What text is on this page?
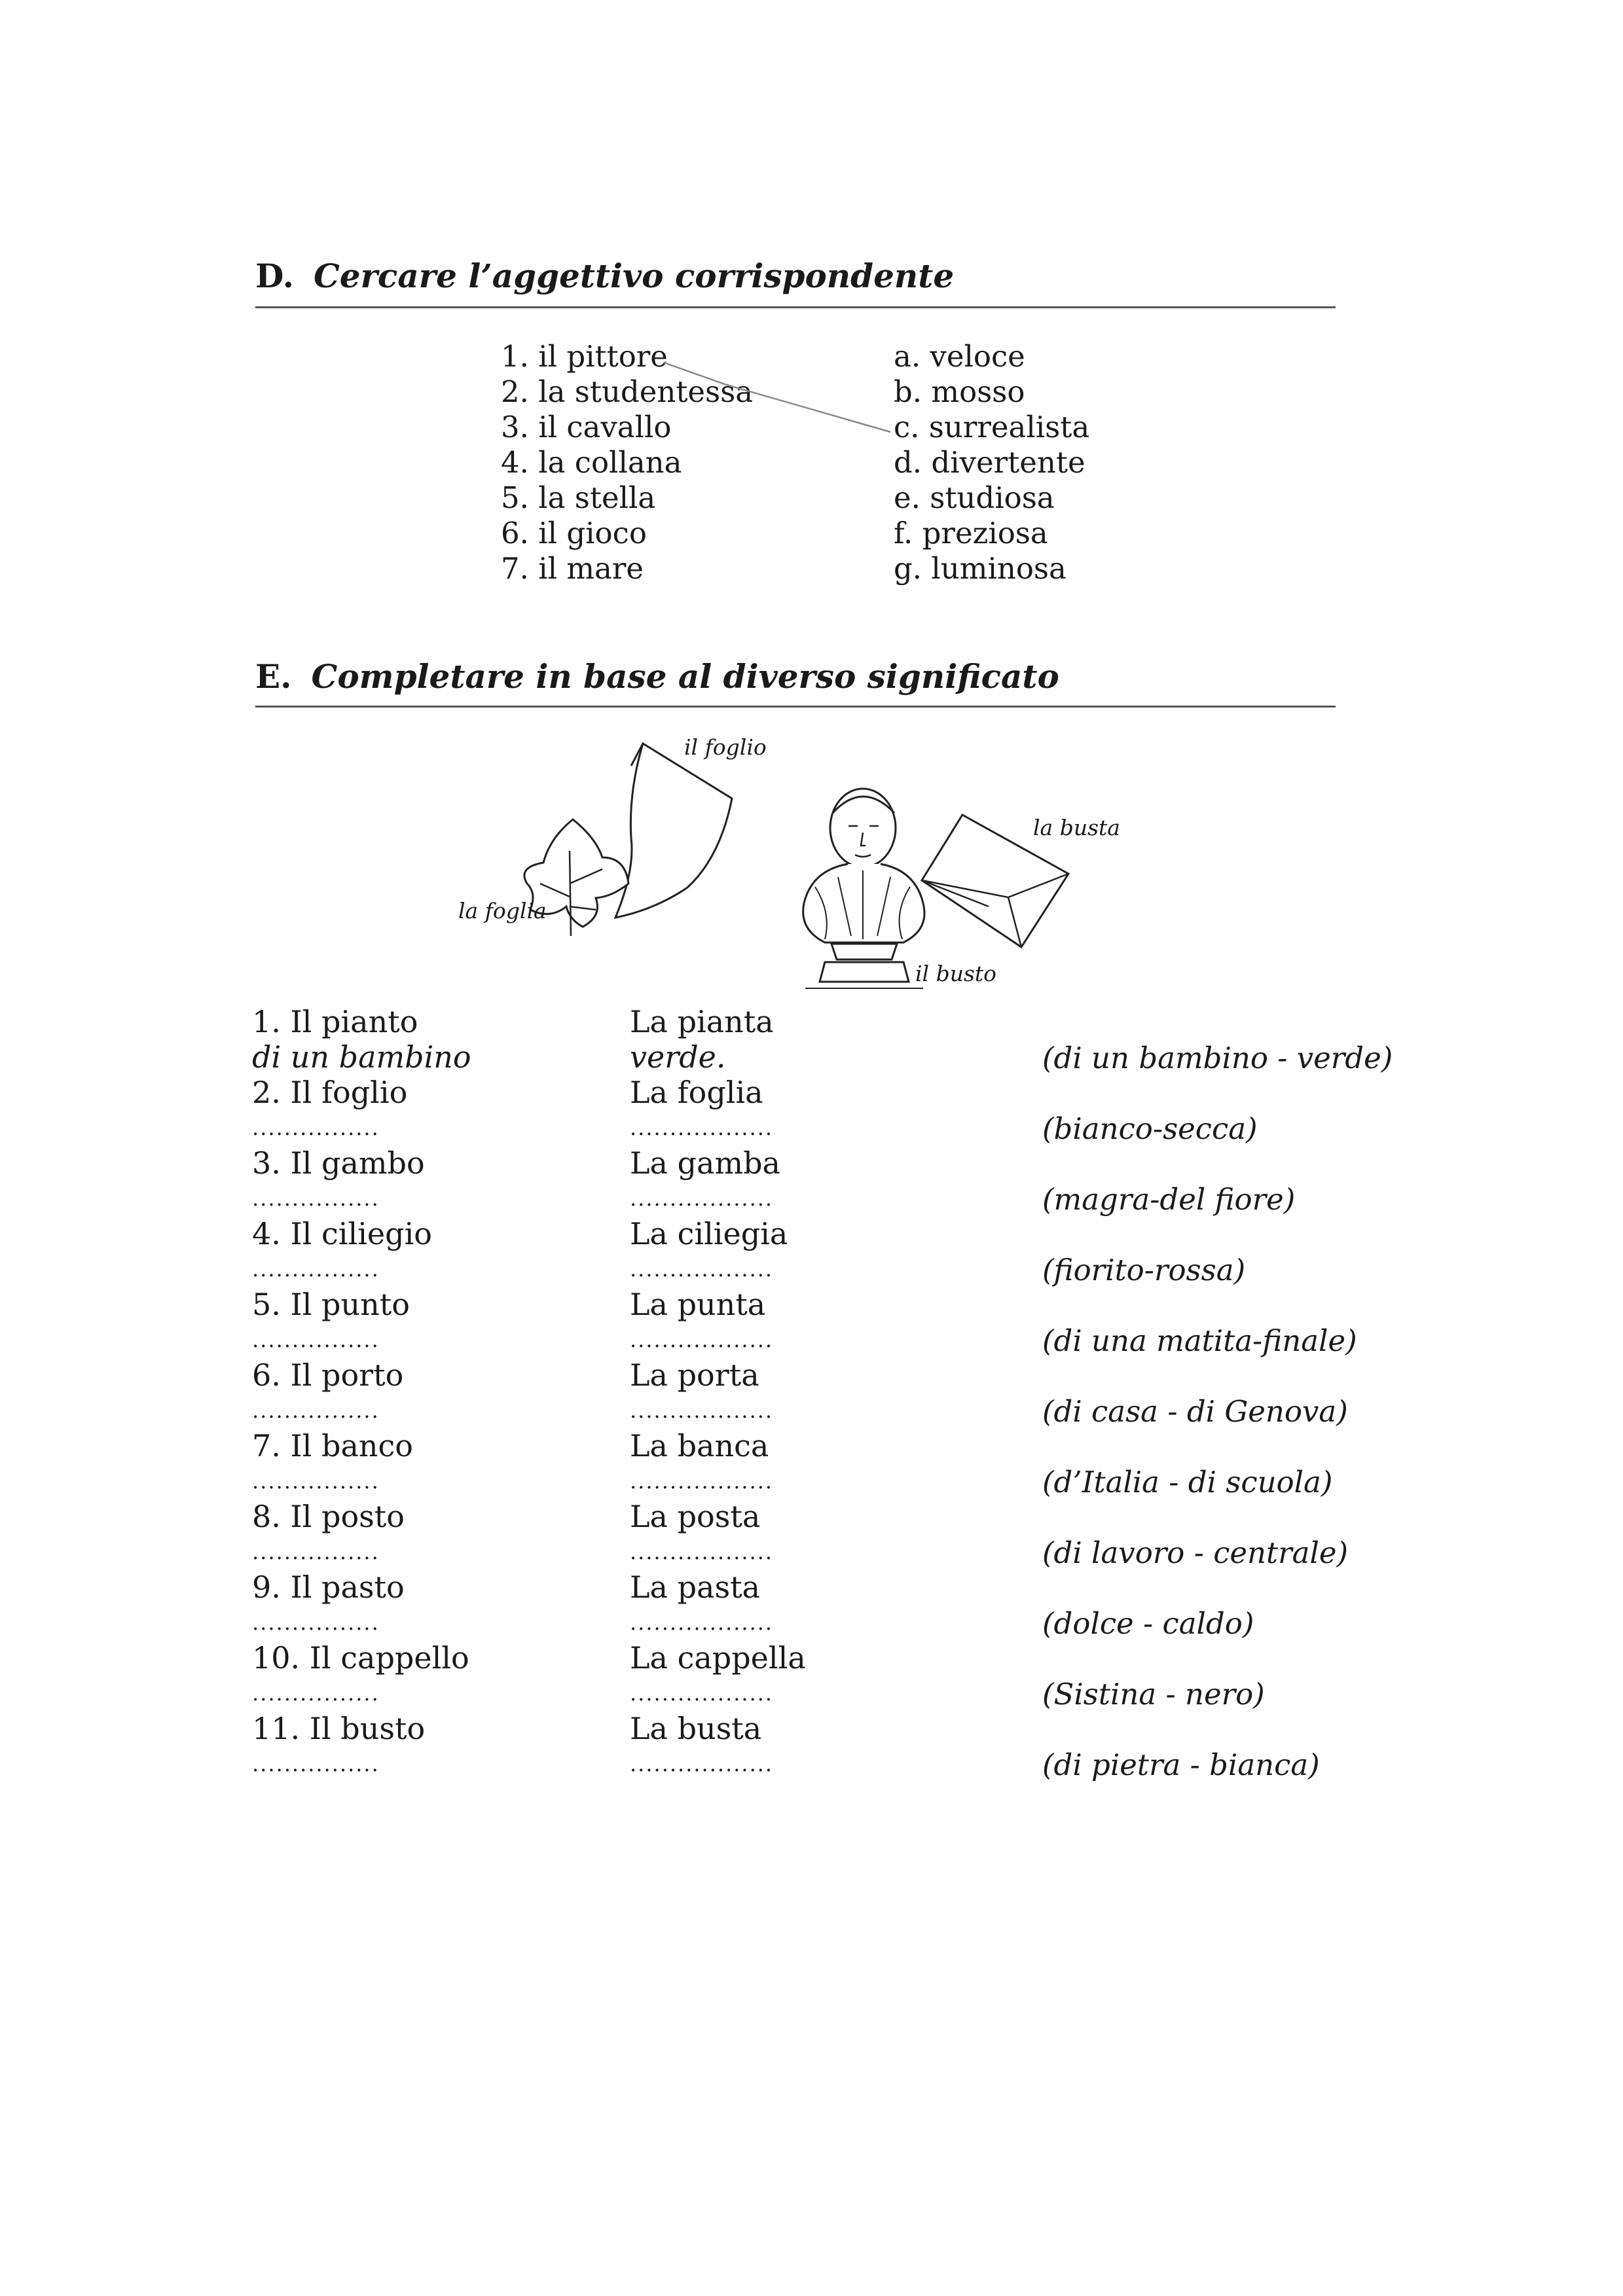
D. Cercare l’aggettivo corrispondente
1. il pittore
2. la studentessa
3. il cavallo
4. la collana
5. la stella
6. il gioco
7. il mare
a. veloce
b. mosso
c. surrealista
d. divertente
e. studiosa
f. preziosa
g. luminosa
E. Completare in base al diverso significato
il foglio
la foglia
il busto
la busta
1. Il pianto
di un bambino
2. Il foglio
................
3. Il gambo
................
4. Il ciliegio
................
5. Il punto
................
6. Il porto
................
7. Il banco
................
8. Il posto
................
9. Il pasto
................
10. Il cappello
................
11. Il busto
................
La pianta
verde.
La foglia
..................
La gamba
..................
La ciliegia
..................
La punta
..................
La porta
..................
La banca
..................
La posta
..................
La pasta
..................
La cappella
..................
La busta
..................
(di un bambino - verde)
(bianco-secca)
(magra-del fiore)
(fiorito-rossa)
(di una matita-finale)
(di casa - di Genova)
(d’Italia - di scuola)
(di lavoro - centrale)
(dolce - caldo)
(Sistina - nero)
(di pietra - bianca)
